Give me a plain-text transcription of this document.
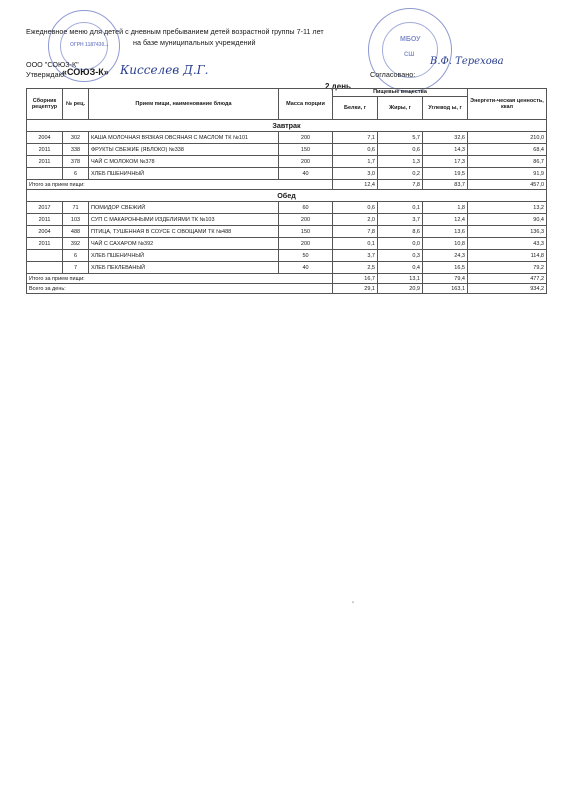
Ежедневное меню для детей с дневным пребыванием детей возрастной группы 7-11 лет
на базе муниципальных учреждений
ООО "СОЮЗ-К"
Утверждаю:
«СОЮЗ-К»	Согласовано:
2 день
ОГРН 1187430...
МБОУ
СШ
Кисселев Д.Г.
В.Ф. Терехова
Сборник рецептур	№ рец.	Прием пищи, наименование блюда	Масса порции	Пищевые вещества			Энергети-ческая ценность, ккал
				Белки, г	Жиры, г	Углевод ы, г	
Завтрак							
2004	302	КАША МОЛОЧНАЯ ВЯЗКАЯ ОВСЯНАЯ С МАСЛОМ ТК №101	200	7,1	5,7	32,6	210,0
2011	338	ФРУКТЫ СВЕЖИЕ (ЯБЛОКО) №338	150	0,6	0,6	14,3	68,4
2011	378	ЧАЙ С МОЛОКОМ №378	200	1,7	1,3	17,3	86,7
	6	ХЛЕБ ПШЕНИЧНЫЙ	40	3,0	0,2	19,5	91,9
Итого за прием пищи:				12,4	7,8	83,7	457,0
Обед							
2017	71	ПОМИДОР СВЕЖИЙ	60	0,6	0,1	1,8	13,2
2011	103	СУП С МАКАРОННЫМИ ИЗДЕЛИЯМИ ТК №103	200	2,0	3,7	12,4	90,4
2004	488	ПТИЦА, ТУШЕННАЯ В СОУСЕ С ОВОЩАМИ ТК №488	150	7,8	8,6	13,6	136,3
2011	392	ЧАЙ С САХАРОМ №392	200	0,1	0,0	10,8	43,3
	6	ХЛЕБ ПШЕНИЧНЫЙ	50	3,7	0,3	24,3	114,8
	7	ХЛЕБ ПЕКЛЕВАНЫЙ	40	2,5	0,4	16,5	79,2
Итого за прием пищи:				16,7	13,1	79,4	477,2
Всего за день:				29,1	20,9	163,1	934,2
''
